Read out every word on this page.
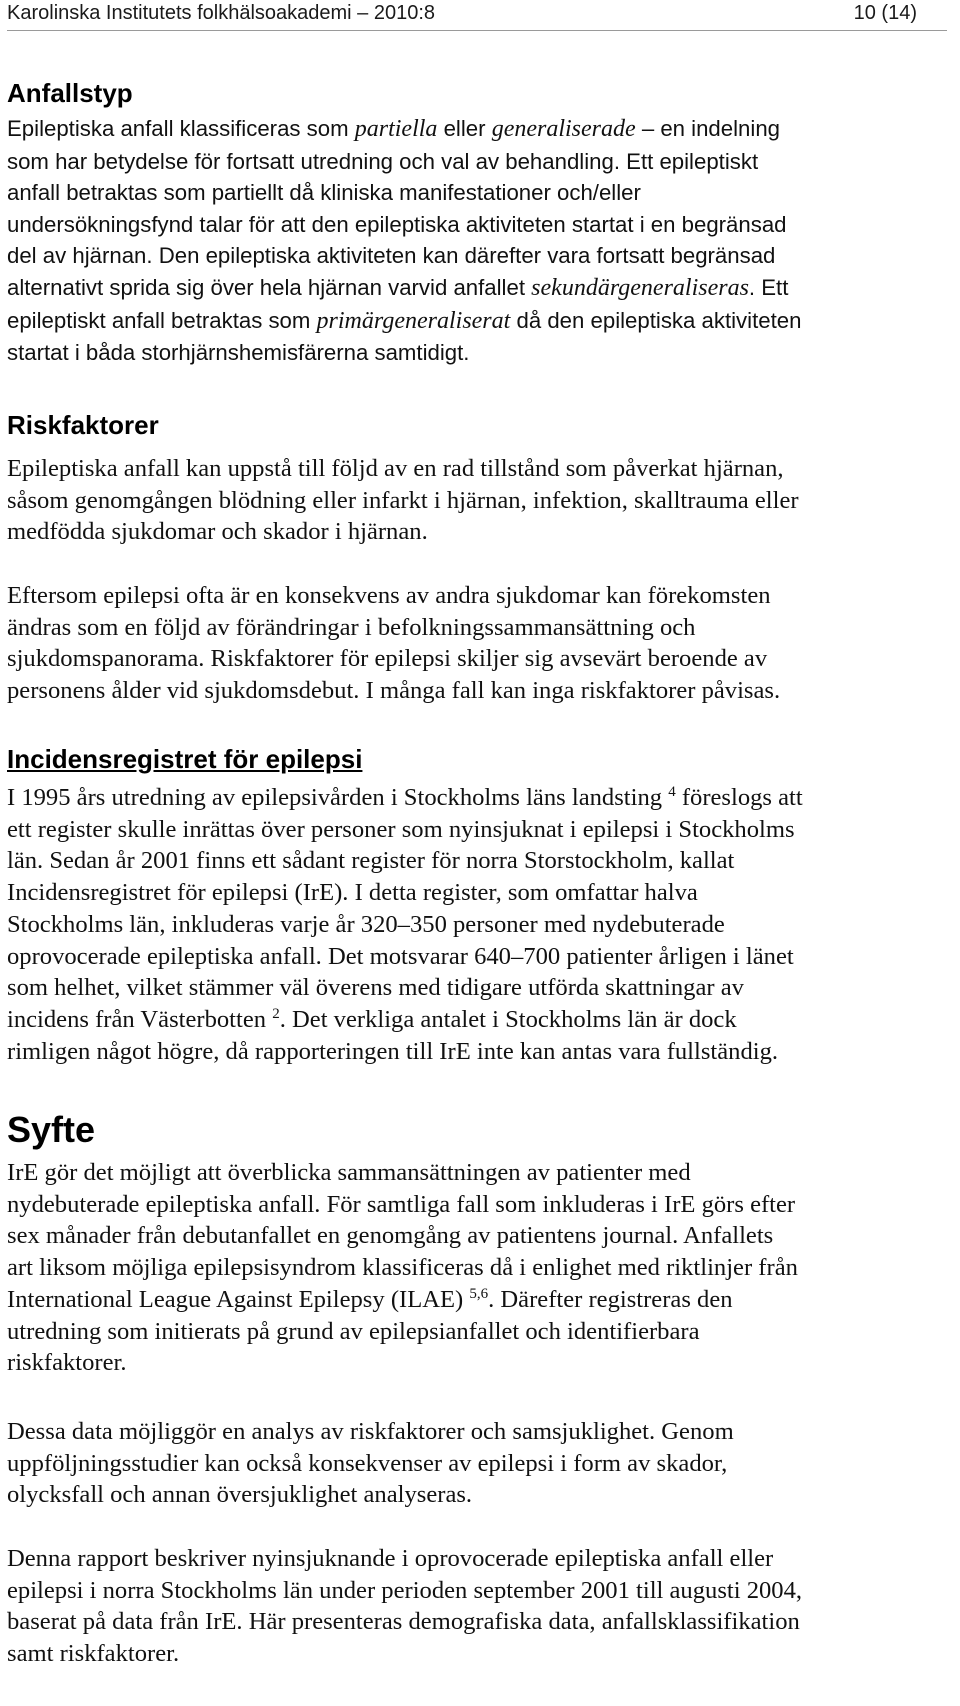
Karolinska Institutets folkhälsoakademi – 2010:8	10 (14)
Anfallstyp
Epileptiska anfall klassificeras som partiella eller generaliserade – en indelning
som har betydelse för fortsatt utredning och val av behandling. Ett epileptiskt
anfall betraktas som partiellt då kliniska manifestationer och/eller
undersökningsfynd talar för att den epileptiska aktiviteten startat i en begränsad
del av hjärnan. Den epileptiska aktiviteten kan därefter vara fortsatt begränsad
alternativt sprida sig över hela hjärnan varvid anfallet sekundärgeneraliseras. Ett
epileptiskt anfall betraktas som primärgeneraliserat då den epileptiska aktiviteten
startat i båda storhjärnshemisfärerna samtidigt.
Riskfaktorer
Epileptiska anfall kan uppstå till följd av en rad tillstånd som påverkat hjärnan,
såsom genomgången blödning eller infarkt i hjärnan, infektion, skalltrauma eller
medfödda sjukdomar och skador i hjärnan.
Eftersom epilepsi ofta är en konsekvens av andra sjukdomar kan förekomsten
ändras som en följd av förändringar i befolkningssammansättning och
sjukdomspanorama. Riskfaktorer för epilepsi skiljer sig avsevärt beroende av
personens ålder vid sjukdomsdebut. I många fall kan inga riskfaktorer påvisas.
Incidensregistret för epilepsi
I 1995 års utredning av epilepsivården i Stockholms läns landsting $^4$ föreslogs att
ett register skulle inrättas över personer som nyinsjuknat i epilepsi i Stockholms
län. Sedan år 2001 finns ett sådant register för norra Storstockholm, kallat
Incidensregistret för epilepsi (IrE). I detta register, som omfattar halva
Stockholms län, inkluderas varje år 320–350 personer med nydebuterade
oprovocerade epileptiska anfall. Det motsvarar 640–700 patienter årligen i länet
som helhet, vilket stämmer väl överens med tidigare utförda skattningar av
incidens från Västerbotten $^2$. Det verkliga antalet i Stockholms län är dock
rimligen något högre, då rapporteringen till IrE inte kan antas vara fullständig.
Syfte
IrE gör det möjligt att överblicka sammansättningen av patienter med
nydebuterade epileptiska anfall. För samtliga fall som inkluderas i IrE görs efter
sex månader från debutanfallet en genomgång av patientens journal. Anfallets
art liksom möjliga epilepsisyndrom klassificeras då i enlighet med riktlinjer från
International League Against Epilepsy (ILAE) $^{5,6}$. Därefter registreras den
utredning som initierats på grund av epilepsianfallet och identifierbara
riskfaktorer.
Dessa data möjliggör en analys av riskfaktorer och samsjuklighet. Genom
uppföljningsstudier kan också konsekvenser av epilepsi i form av skador,
olycksfall och annan översjuklighet analyseras.
Denna rapport beskriver nyinsjuknande i oprovocerade epileptiska anfall eller
epilepsi i norra Stockholms län under perioden september 2001 till augusti 2004,
baserat på data från IrE. Här presenteras demografiska data, anfallsklassifikation
samt riskfaktorer.
